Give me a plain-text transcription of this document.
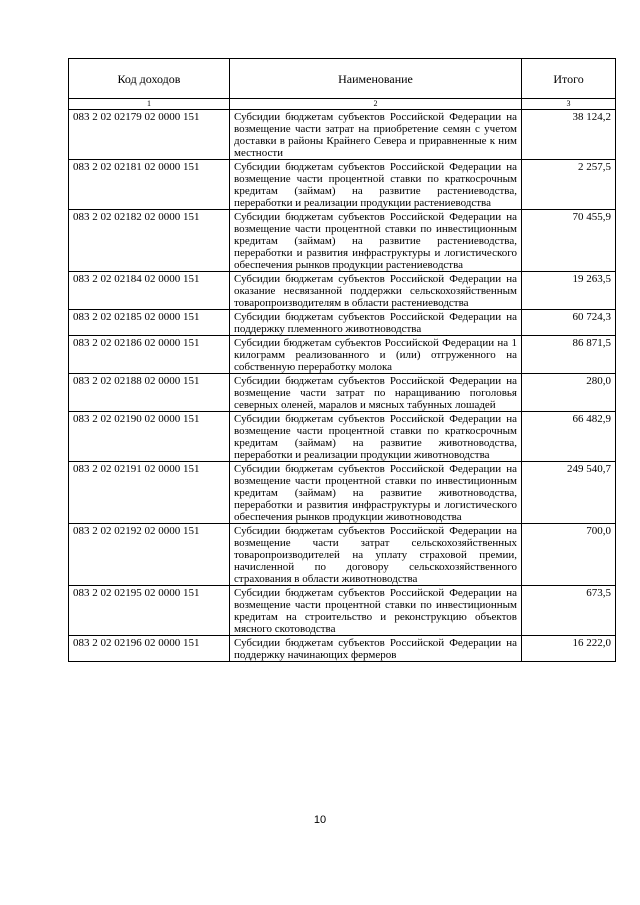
Код доходов	Наименование	Итого
1	2	3
083 2 02 02179 02 0000 151	Субсидии бюджетам субъектов Российской Федерации на возмещение части затрат на приобретение семян с учетом доставки в районы Крайнего Севера и приравненные к ним местности	38 124,2
083 2 02 02181 02 0000 151	Субсидии бюджетам субъектов Российской Федерации на возмещение части процентной ставки по краткосрочным кредитам (займам) на развитие растениеводства, переработки и реализации продукции растениеводства	2 257,5
083 2 02 02182 02 0000 151	Субсидии бюджетам субъектов Российской Федерации на возмещение части процентной ставки по инвестиционным кредитам (займам) на развитие растениеводства, переработки и развития инфраструктуры и логистического обеспечения рынков продукции растениеводства	70 455,9
083 2 02 02184 02 0000 151	Субсидии бюджетам субъектов Российской Федерации на оказание несвязанной поддержки сельскохозяйственным товаропроизводителям в области растениеводства	19 263,5
083 2 02 02185 02 0000 151	Субсидии бюджетам субъектов Российской Федерации на поддержку племенного животноводства	60 724,3
083 2 02 02186 02 0000 151	Субсидии бюджетам субъектов Российской Федерации на 1 килограмм реализованного и (или) отгруженного на собственную переработку молока	86 871,5
083 2 02 02188 02 0000 151	Субсидии бюджетам субъектов Российской Федерации на возмещение части затрат по наращиванию поголовья северных оленей, маралов и мясных табунных лошадей	280,0
083 2 02 02190 02 0000 151	Субсидии бюджетам субъектов Российской Федерации на возмещение части процентной ставки по краткосрочным кредитам (займам) на развитие животноводства, переработки и реализации продукции животноводства	66 482,9
083 2 02 02191 02 0000 151	Субсидии бюджетам субъектов Российской Федерации на возмещение части процентной ставки по инвестиционным кредитам (займам) на развитие животноводства, переработки и развития инфраструктуры и логистического обеспечения рынков продукции животноводства	249 540,7
083 2 02 02192 02 0000 151	Субсидии бюджетам субъектов Российской Федерации на возмещение части затрат сельскохозяйственных товаропроизводителей на уплату страховой премии, начисленной по договору сельскохозяйственного страхования в области животноводства	700,0
083 2 02 02195 02 0000 151	Субсидии бюджетам субъектов Российской Федерации на возмещение части процентной ставки по инвестиционным кредитам на строительство и реконструкцию объектов мясного скотоводства	673,5
083 2 02 02196 02 0000 151	Субсидии бюджетам субъектов Российской Федерации на поддержку начинающих фермеров	16 222,0
10
